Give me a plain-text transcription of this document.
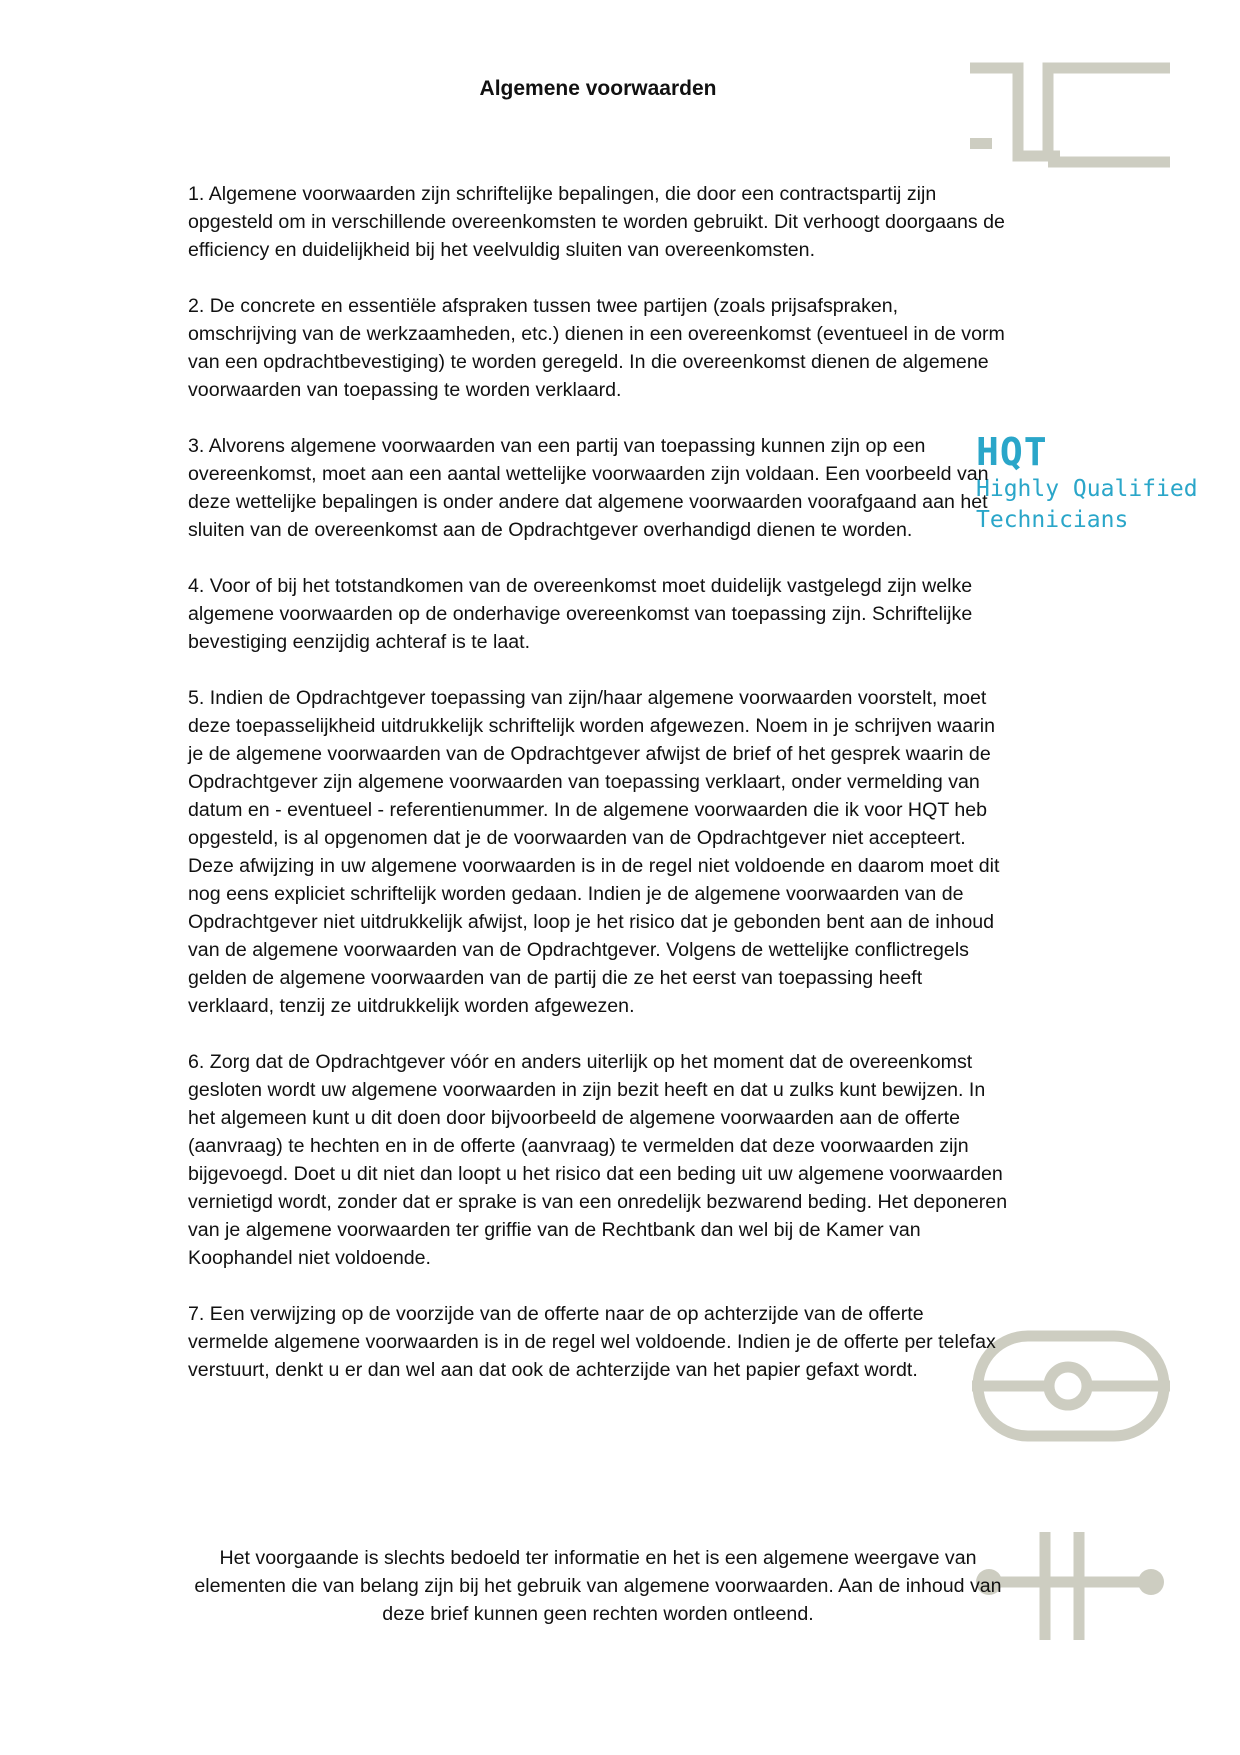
HQT
Highly Qualified
Technicians
Algemene voorwaarden

1. Algemene voorwaarden zijn schriftelijke bepalingen, die door een contractspartij zijn opgesteld om in verschillende overeenkomsten te worden gebruikt. Dit verhoogt doorgaans de efficiency en duidelijkheid bij het veelvuldig sluiten van overeenkomsten.

2. De concrete en essentiële afspraken tussen twee partijen (zoals prijsafspraken, omschrijving van de werkzaamheden, etc.) dienen in een overeenkomst (eventueel in de vorm van een opdrachtbevestiging) te worden geregeld. In die overeenkomst dienen de algemene voorwaarden van toepassing te worden verklaard.

3. Alvorens algemene voorwaarden van een partij van toepassing kunnen zijn op een overeenkomst, moet aan een aantal wettelijke voorwaarden zijn voldaan. Een voorbeeld van deze wettelijke bepalingen is onder andere dat algemene voorwaarden voorafgaand aan het sluiten van de overeenkomst aan de Opdrachtgever overhandigd dienen te worden.

4. Voor of bij het totstandkomen van de overeenkomst moet duidelijk vastgelegd zijn welke algemene voorwaarden op de onderhavige overeenkomst van toepassing zijn. Schriftelijke bevestiging eenzijdig achteraf is te laat.

5. Indien de Opdrachtgever toepassing van zijn/haar algemene voorwaarden voorstelt, moet deze toepasselijkheid uitdrukkelijk schriftelijk worden afgewezen. Noem in je schrijven waarin je de algemene voorwaarden van de Opdrachtgever afwijst de brief of het gesprek waarin de Opdrachtgever zijn algemene voorwaarden van toepassing verklaart, onder vermelding van datum en - eventueel - referentienummer. In de algemene voorwaarden die ik voor HQT heb opgesteld, is al opgenomen dat je de voorwaarden van de Opdrachtgever niet accepteert. Deze afwijzing in uw algemene voorwaarden is in de regel niet voldoende en daarom moet dit nog eens expliciet schriftelijk worden gedaan. Indien je de algemene voorwaarden van de Opdrachtgever niet uitdrukkelijk afwijst, loop je het risico dat je gebonden bent aan de inhoud van de algemene voorwaarden van de Opdrachtgever. Volgens de wettelijke conflictregels gelden de algemene voorwaarden van de partij die ze het eerst van toepassing heeft verklaard, tenzij ze uitdrukkelijk worden afgewezen.

6. Zorg dat de Opdrachtgever vóór en anders uiterlijk op het moment dat de overeenkomst gesloten wordt uw algemene voorwaarden in zijn bezit heeft en dat u zulks kunt bewijzen. In het algemeen kunt u dit doen door bijvoorbeeld de algemene voorwaarden aan de offerte (aanvraag) te hechten en in de offerte (aanvraag) te vermelden dat deze voorwaarden zijn bijgevoegd. Doet u dit niet dan loopt u het risico dat een beding uit uw algemene voorwaarden vernietigd wordt, zonder dat er sprake is van een onredelijk bezwarend beding. Het deponeren van je algemene voorwaarden ter griffie van de Rechtbank dan wel bij de Kamer van Koophandel niet voldoende.

7. Een verwijzing op de voorzijde van de offerte naar de op achterzijde van de offerte vermelde algemene voorwaarden is in de regel wel voldoende. Indien je de offerte per telefax verstuurt, denkt u er dan wel aan dat ook de achterzijde van het papier gefaxt wordt.

Het voorgaande is slechts bedoeld ter informatie en het is een algemene weergave van elementen die van belang zijn bij het gebruik van algemene voorwaarden. Aan de inhoud van deze brief kunnen geen rechten worden ontleend.
